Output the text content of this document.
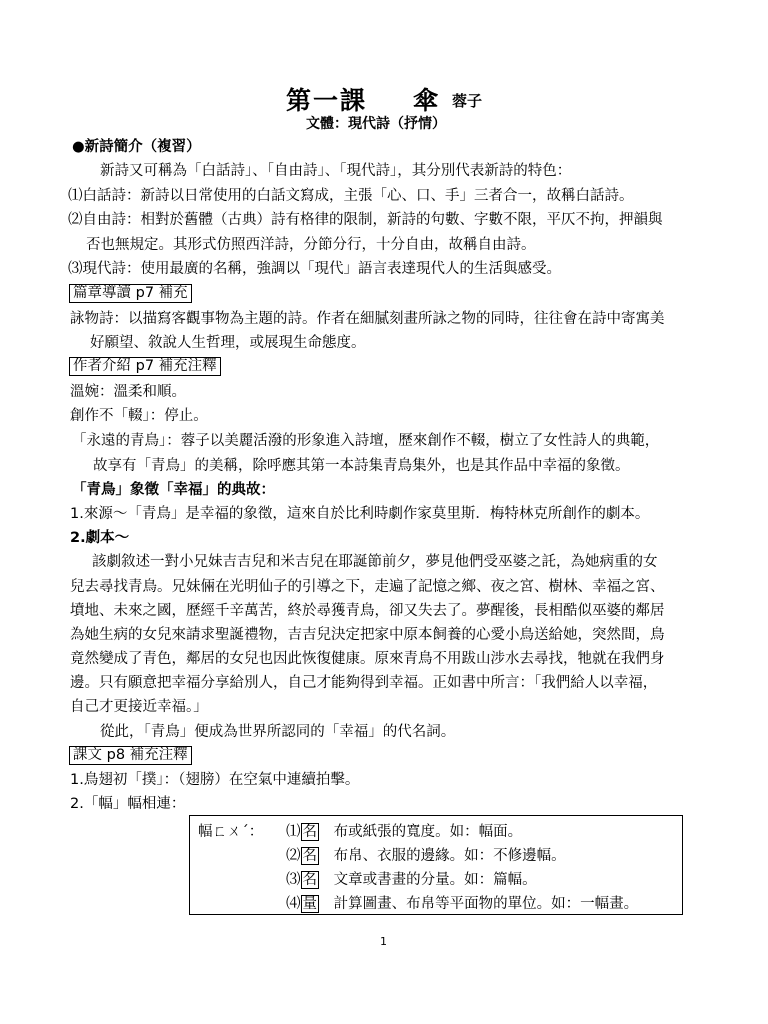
第一課 傘 蓉子
文體：現代詩（抒情）
●新詩簡介（複習）
新詩又可稱為「白話詩」、「自由詩」、「現代詩」，其分別代表新詩的特色：
⑴白話詩：新詩以日常使用的白話文寫成，主張「心、口、手」三者合一，故稱白話詩。
⑵自由詩：相對於舊體（古典）詩有格律的限制，新詩的句數、字數不限，平仄不拘，押韻與
否也無規定。其形式仿照西洋詩，分節分行，十分自由，故稱自由詩。
⑶現代詩：使用最廣的名稱，強調以「現代」語言表達現代人的生活與感受。
篇章導讀 p7 補充
詠物詩：以描寫客觀事物為主題的詩。作者在細膩刻畫所詠之物的同時，往往會在詩中寄寓美
好願望、敘說人生哲理，或展現生命態度。
作者介紹 p7 補充注釋
溫婉：溫柔和順。
創作不「輟」：停止。
「永遠的青鳥」：蓉子以美麗活潑的形象進入詩壇，歷來創作不輟，樹立了女性詩人的典範，
故享有「青鳥」的美稱，除呼應其第一本詩集青鳥集外，也是其作品中幸福的象徵。
「青鳥」象徵「幸福」的典故：
1.來源～「青鳥」是幸福的象徵，這來自於比利時劇作家莫里斯．梅特林克所創作的劇本。
2.劇本～
該劇敘述一對小兄妹吉吉兒和米吉兒在耶誕節前夕，夢見他們受巫婆之託，為她病重的女
兒去尋找青鳥。兄妹倆在光明仙子的引導之下，走遍了記憶之鄉、夜之宮、樹林、幸福之宮、
墳地、未來之國，歷經千辛萬苦，終於尋獲青鳥，卻又失去了。夢醒後，長相酷似巫婆的鄰居
為她生病的女兒來請求聖誕禮物，吉吉兒決定把家中原本飼養的心愛小鳥送給她，突然間，鳥
竟然變成了青色，鄰居的女兒也因此恢復健康。原來青鳥不用跋山涉水去尋找，牠就在我們身
邊。只有願意把幸福分享給別人，自己才能夠得到幸福。正如書中所言：「我們給人以幸福，
自己才更接近幸福。」
從此，「青鳥」便成為世界所認同的「幸福」的代名詞。
課文 p8 補充注釋
1.鳥翅初「撲」：（翅膀）在空氣中連續拍擊。
2.「幅」幅相連：
幅ㄈㄨˊ： ⑴ 名 布或紙張的寬度。如：幅面。
⑵ 名 布帛、衣服的邊緣。如：不修邊幅。
⑶ 名 文章或書畫的分量。如：篇幅。
⑷ 量 計算圖畫、布帛等平面物的單位。如：一幅畫。
1
